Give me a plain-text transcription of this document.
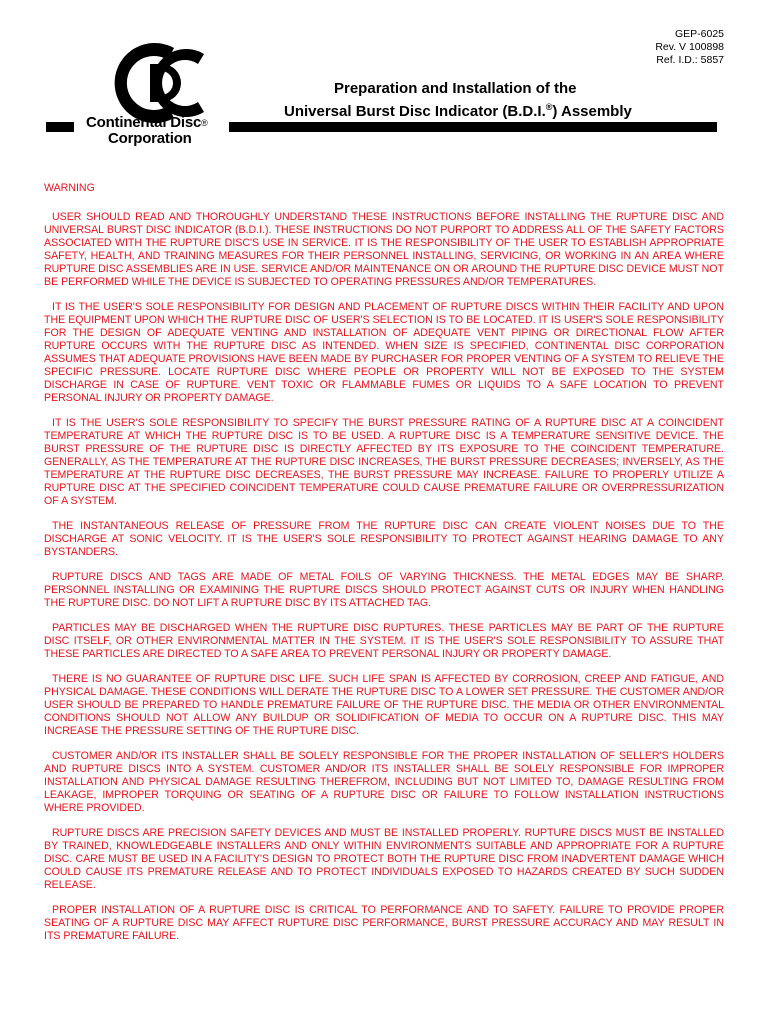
Continental Disc®
Corporation
GEP-6025
Rev. V 100898
Ref. I.D.: 5857
Preparation and Installation of the
Universal Burst Disc Indicator (B.D.I.®) Assembly
WARNING

USER SHOULD READ AND THOROUGHLY UNDERSTAND THESE INSTRUCTIONS BEFORE INSTALLING THE RUPTURE DISC AND UNIVERSAL BURST DISC INDICATOR (B.D.I.). THESE INSTRUCTIONS DO NOT PURPORT TO ADDRESS ALL OF THE SAFETY FACTORS ASSOCIATED WITH THE RUPTURE DISC'S USE IN SERVICE. IT IS THE RESPONSIBILITY OF THE USER TO ESTABLISH APPROPRIATE SAFETY, HEALTH, AND TRAINING MEASURES FOR THEIR PERSONNEL INSTALLING, SERVICING, OR WORKING IN AN AREA WHERE RUPTURE DISC ASSEMBLIES ARE IN USE. SERVICE AND/OR MAINTENANCE ON OR AROUND THE RUPTURE DISC DEVICE MUST NOT BE PERFORMED WHILE THE DEVICE IS SUBJECTED TO OPERATING PRESSURES AND/OR TEMPERATURES.

IT IS THE USER'S SOLE RESPONSIBILITY FOR DESIGN AND PLACEMENT OF RUPTURE DISCS WITHIN THEIR FACILITY AND UPON THE EQUIPMENT UPON WHICH THE RUPTURE DISC OF USER'S SELECTION IS TO BE LOCATED. IT IS USER'S SOLE RESPONSIBILITY FOR THE DESIGN OF ADEQUATE VENTING AND INSTALLATION OF ADEQUATE VENT PIPING OR DIRECTIONAL FLOW AFTER RUPTURE OCCURS WITH THE RUPTURE DISC AS INTENDED. WHEN SIZE IS SPECIFIED, CONTINENTAL DISC CORPORATION ASSUMES THAT ADEQUATE PROVISIONS HAVE BEEN MADE BY PURCHASER FOR PROPER VENTING OF A SYSTEM TO RELIEVE THE SPECIFIC PRESSURE. LOCATE RUPTURE DISC WHERE PEOPLE OR PROPERTY WILL NOT BE EXPOSED TO THE SYSTEM DISCHARGE IN CASE OF RUPTURE. VENT TOXIC OR FLAMMABLE FUMES OR LIQUIDS TO A SAFE LOCATION TO PREVENT PERSONAL INJURY OR PROPERTY DAMAGE.

IT IS THE USER'S SOLE RESPONSIBILITY TO SPECIFY THE BURST PRESSURE RATING OF A RUPTURE DISC AT A COINCIDENT TEMPERATURE AT WHICH THE RUPTURE DISC IS TO BE USED. A RUPTURE DISC IS A TEMPERATURE SENSITIVE DEVICE. THE BURST PRESSURE OF THE RUPTURE DISC IS DIRECTLY AFFECTED BY ITS EXPOSURE TO THE COINCIDENT TEMPERATURE. GENERALLY, AS THE TEMPERATURE AT THE RUPTURE DISC INCREASES, THE BURST PRESSURE DECREASES; INVERSELY, AS THE TEMPERATURE AT THE RUPTURE DISC DECREASES, THE BURST PRESSURE MAY INCREASE. FAILURE TO PROPERLY UTILIZE A RUPTURE DISC AT THE SPECIFIED COINCIDENT TEMPERATURE COULD CAUSE PREMATURE FAILURE OR OVERPRESSURIZATION OF A SYSTEM.

THE INSTANTANEOUS RELEASE OF PRESSURE FROM THE RUPTURE DISC CAN CREATE VIOLENT NOISES DUE TO THE DISCHARGE AT SONIC VELOCITY. IT IS THE USER'S SOLE RESPONSIBILITY TO PROTECT AGAINST HEARING DAMAGE TO ANY BYSTANDERS.

RUPTURE DISCS AND TAGS ARE MADE OF METAL FOILS OF VARYING THICKNESS. THE METAL EDGES MAY BE SHARP. PERSONNEL INSTALLING OR EXAMINING THE RUPTURE DISCS SHOULD PROTECT AGAINST CUTS OR INJURY WHEN HANDLING THE RUPTURE DISC. DO NOT LIFT A RUPTURE DISC BY ITS ATTACHED TAG.

PARTICLES MAY BE DISCHARGED WHEN THE RUPTURE DISC RUPTURES. THESE PARTICLES MAY BE PART OF THE RUPTURE DISC ITSELF, OR OTHER ENVIRONMENTAL MATTER IN THE SYSTEM. IT IS THE USER'S SOLE RESPONSIBILITY TO ASSURE THAT THESE PARTICLES ARE DIRECTED TO A SAFE AREA TO PREVENT PERSONAL INJURY OR PROPERTY DAMAGE.

THERE IS NO GUARANTEE OF RUPTURE DISC LIFE. SUCH LIFE SPAN IS AFFECTED BY CORROSION, CREEP AND FATIGUE, AND PHYSICAL DAMAGE. THESE CONDITIONS WILL DERATE THE RUPTURE DISC TO A LOWER SET PRESSURE. THE CUSTOMER AND/OR USER SHOULD BE PREPARED TO HANDLE PREMATURE FAILURE OF THE RUPTURE DISC. THE MEDIA OR OTHER ENVIRONMENTAL CONDITIONS SHOULD NOT ALLOW ANY BUILDUP OR SOLIDIFICATION OF MEDIA TO OCCUR ON A RUPTURE DISC. THIS MAY INCREASE THE PRESSURE SETTING OF THE RUPTURE DISC.

CUSTOMER AND/OR ITS INSTALLER SHALL BE SOLELY RESPONSIBLE FOR THE PROPER INSTALLATION OF SELLER'S HOLDERS AND RUPTURE DISCS INTO A SYSTEM. CUSTOMER AND/OR ITS INSTALLER SHALL BE SOLELY RESPONSIBLE FOR IMPROPER INSTALLATION AND PHYSICAL DAMAGE RESULTING THEREFROM, INCLUDING BUT NOT LIMITED TO, DAMAGE RESULTING FROM LEAKAGE, IMPROPER TORQUING OR SEATING OF A RUPTURE DISC OR FAILURE TO FOLLOW INSTALLATION INSTRUCTIONS WHERE PROVIDED.

RUPTURE DISCS ARE PRECISION SAFETY DEVICES AND MUST BE INSTALLED PROPERLY. RUPTURE DISCS MUST BE INSTALLED BY TRAINED, KNOWLEDGEABLE INSTALLERS AND ONLY WITHIN ENVIRONMENTS SUITABLE AND APPROPRIATE FOR A RUPTURE DISC. CARE MUST BE USED IN A FACILITY'S DESIGN TO PROTECT BOTH THE RUPTURE DISC FROM INADVERTENT DAMAGE WHICH COULD CAUSE ITS PREMATURE RELEASE AND TO PROTECT INDIVIDUALS EXPOSED TO HAZARDS CREATED BY SUCH SUDDEN RELEASE.

PROPER INSTALLATION OF A RUPTURE DISC IS CRITICAL TO PERFORMANCE AND TO SAFETY. FAILURE TO PROVIDE PROPER SEATING OF A RUPTURE DISC MAY AFFECT RUPTURE DISC PERFORMANCE, BURST PRESSURE ACCURACY AND MAY RESULT IN ITS PREMATURE FAILURE.
